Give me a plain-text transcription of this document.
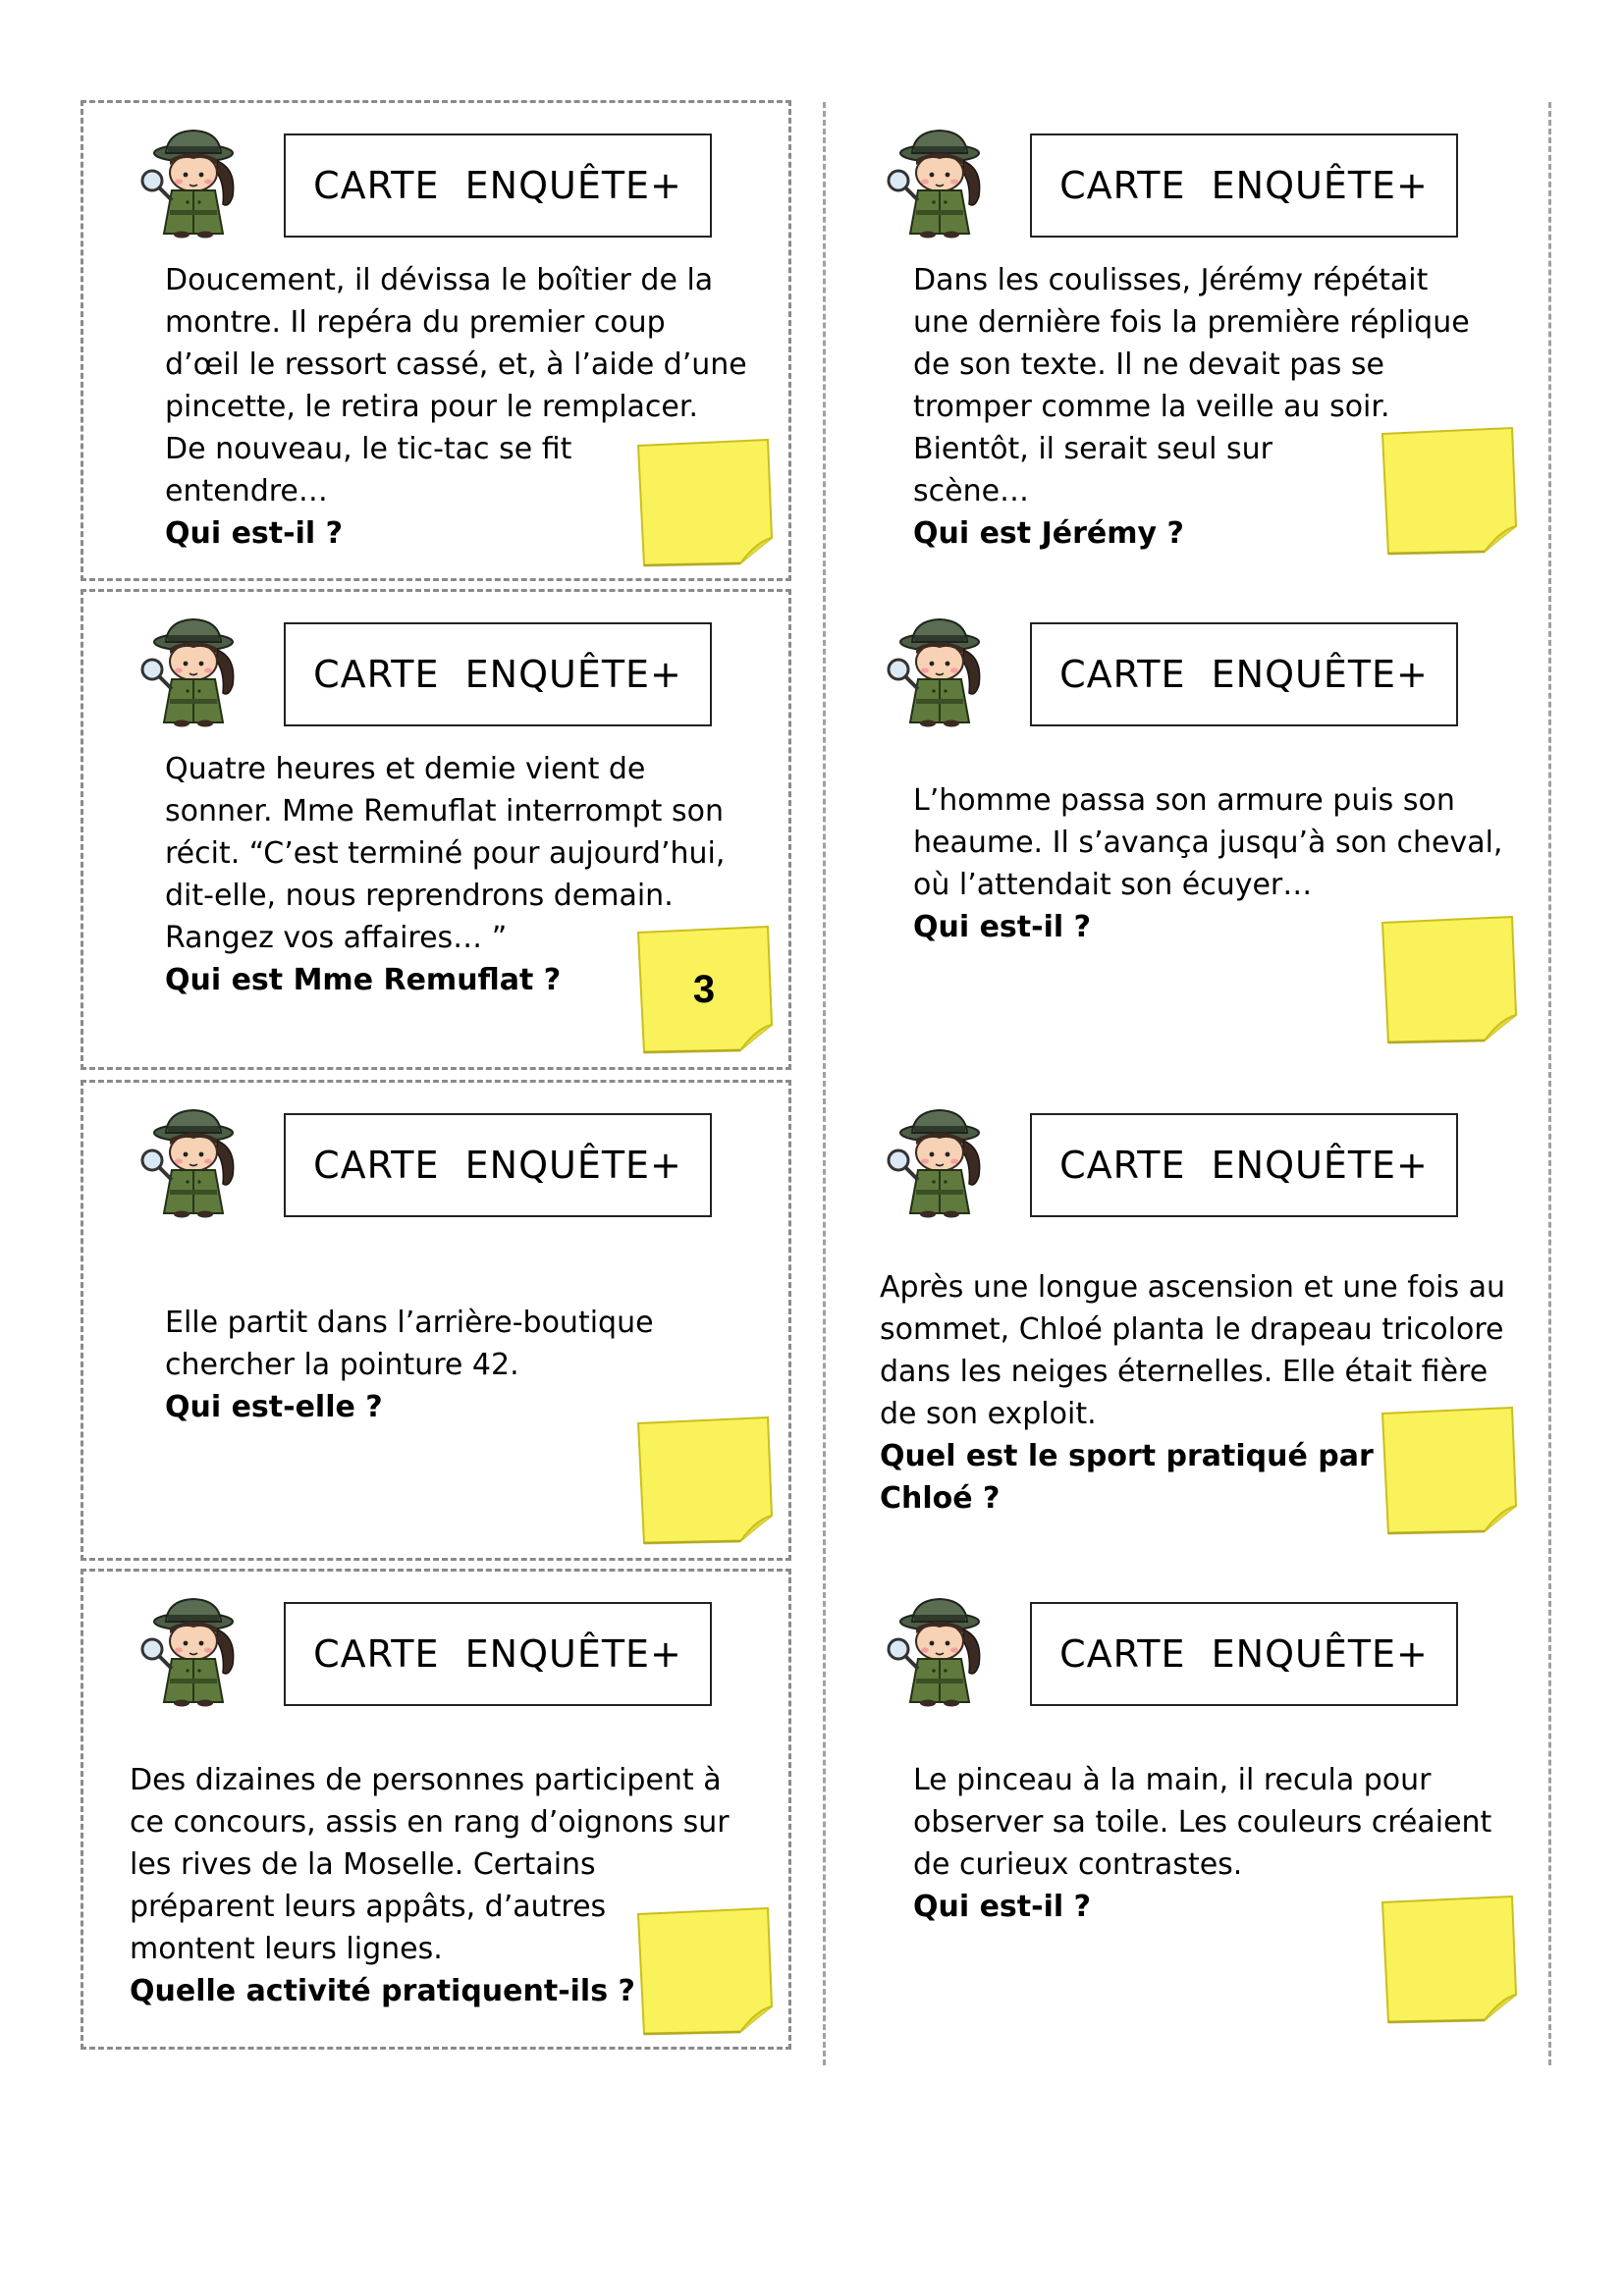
CARTE  ENQUÊTE+
Doucement, il dévissa le boîtier de la
montre. Il repéra du premier coup
d’œil le ressort cassé, et, à l’aide d’une
pincette, le retira pour le remplacer.
De nouveau, le tic-tac se fit
entendre…
Qui est-il ?
CARTE  ENQUÊTE+
Dans les coulisses, Jérémy répétait
une dernière fois la première réplique
de son texte. Il ne devait pas se
tromper comme la veille au soir.
Bientôt, il serait seul sur
scène…
Qui est Jérémy ?
CARTE  ENQUÊTE+
Quatre heures et demie vient de
sonner. Mme Remuflat interrompt son
récit. “C’est terminé pour aujourd’hui,
dit-elle, nous reprendrons demain.
Rangez vos affaires… ”
Qui est Mme Remuflat ?	3
CARTE  ENQUÊTE+
L’homme passa son armure puis son
heaume. Il s’avança jusqu’à son cheval,
où l’attendait son écuyer…
Qui est-il ?
CARTE  ENQUÊTE+
Elle partit dans l’arrière-boutique
chercher la pointure 42.
Qui est-elle ?
CARTE  ENQUÊTE+
Après une longue ascension et une fois au
sommet, Chloé planta le drapeau tricolore
dans les neiges éternelles. Elle était fière
de son exploit.
Quel est le sport pratiqué par
Chloé ?
CARTE  ENQUÊTE+
Des dizaines de personnes participent à
ce concours, assis en rang d’oignons sur
les rives de la Moselle. Certains
préparent leurs appâts, d’autres
montent leurs lignes.
Quelle activité pratiquent-ils ?
CARTE  ENQUÊTE+
Le pinceau à la main, il recula pour
observer sa toile. Les couleurs créaient
de curieux contrastes.
Qui est-il ?
